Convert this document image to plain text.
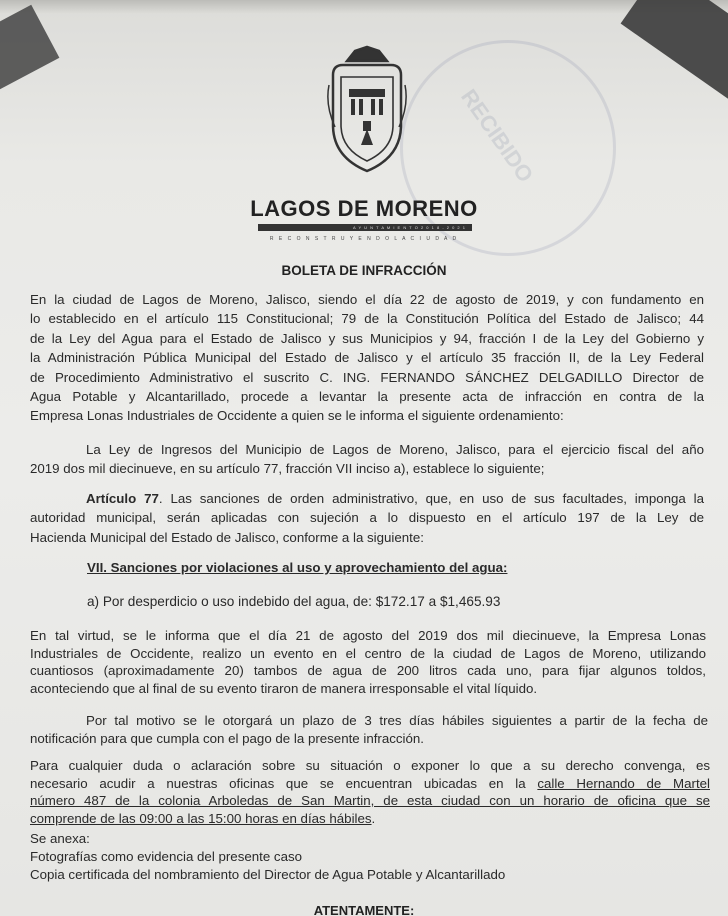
RECIBIDO
LAGOS DE MORENO
A Y U N T A M I E N T O 2 0 1 8 - 2 0 2 1
R E C O N S T R U Y E N D O L A C I U D A D
BOLETA DE INFRACCIÓN
En la ciudad de Lagos de Moreno, Jalisco, siendo el día 22 de agosto de 2019, y con fundamento en
lo establecido en el artículo 115 Constitucional; 79 de la Constitución Política del Estado de Jalisco; 44
de la Ley del Agua para el Estado de Jalisco y sus Municipios y 94, fracción I de la Ley del Gobierno y
la Administración Pública Municipal del Estado de Jalisco y el artículo 35 fracción II, de la Ley Federal
de Procedimiento Administrativo el suscrito C. ING. FERNANDO SÁNCHEZ DELGADILLO Director de
Agua Potable y Alcantarillado, procede a levantar la presente acta de infracción en contra de la
Empresa Lonas Industriales de Occidente a quien se le informa el siguiente ordenamiento:
La Ley de Ingresos del Municipio de Lagos de Moreno, Jalisco, para el ejercicio fiscal del año
2019 dos mil diecinueve, en su artículo 77, fracción VII inciso a), establece lo siguiente;
Artículo 77. Las sanciones de orden administrativo, que, en uso de sus facultades, imponga la
autoridad municipal, serán aplicadas con sujeción a lo dispuesto en el artículo 197 de la Ley de
Hacienda Municipal del Estado de Jalisco, conforme a la siguiente:
VII. Sanciones por violaciones al uso y aprovechamiento del agua:
a) Por desperdicio o uso indebido del agua, de: $172.17 a $1,465.93
En tal virtud, se le informa que el día 21 de agosto del 2019 dos mil diecinueve, la Empresa Lonas
Industriales de Occidente, realizo un evento en el centro de la ciudad de Lagos de Moreno, utilizando
cuantiosos (aproximadamente 20) tambos de agua de 200 litros cada uno, para fijar algunos toldos,
aconteciendo que al final de su evento tiraron de manera irresponsable el vital líquido.
Por tal motivo se le otorgará un plazo de 3 tres días hábiles siguientes a partir de la fecha de
notificación para que cumpla con el pago de la presente infracción.
Para cualquier duda o aclaración sobre su situación o exponer lo que a su derecho convenga, es
necesario acudir a nuestras oficinas que se encuentran ubicadas en la calle Hernando de Martel
número 487 de la colonia Arboledas de San Martin, de esta ciudad con un horario de oficina que se
comprende de las 09:00 a las 15:00 horas en días hábiles.
Se anexa:
Fotografías como evidencia del presente caso
Copia certificada del nombramiento del Director de Agua Potable y Alcantarillado
ATENTAMENTE:
